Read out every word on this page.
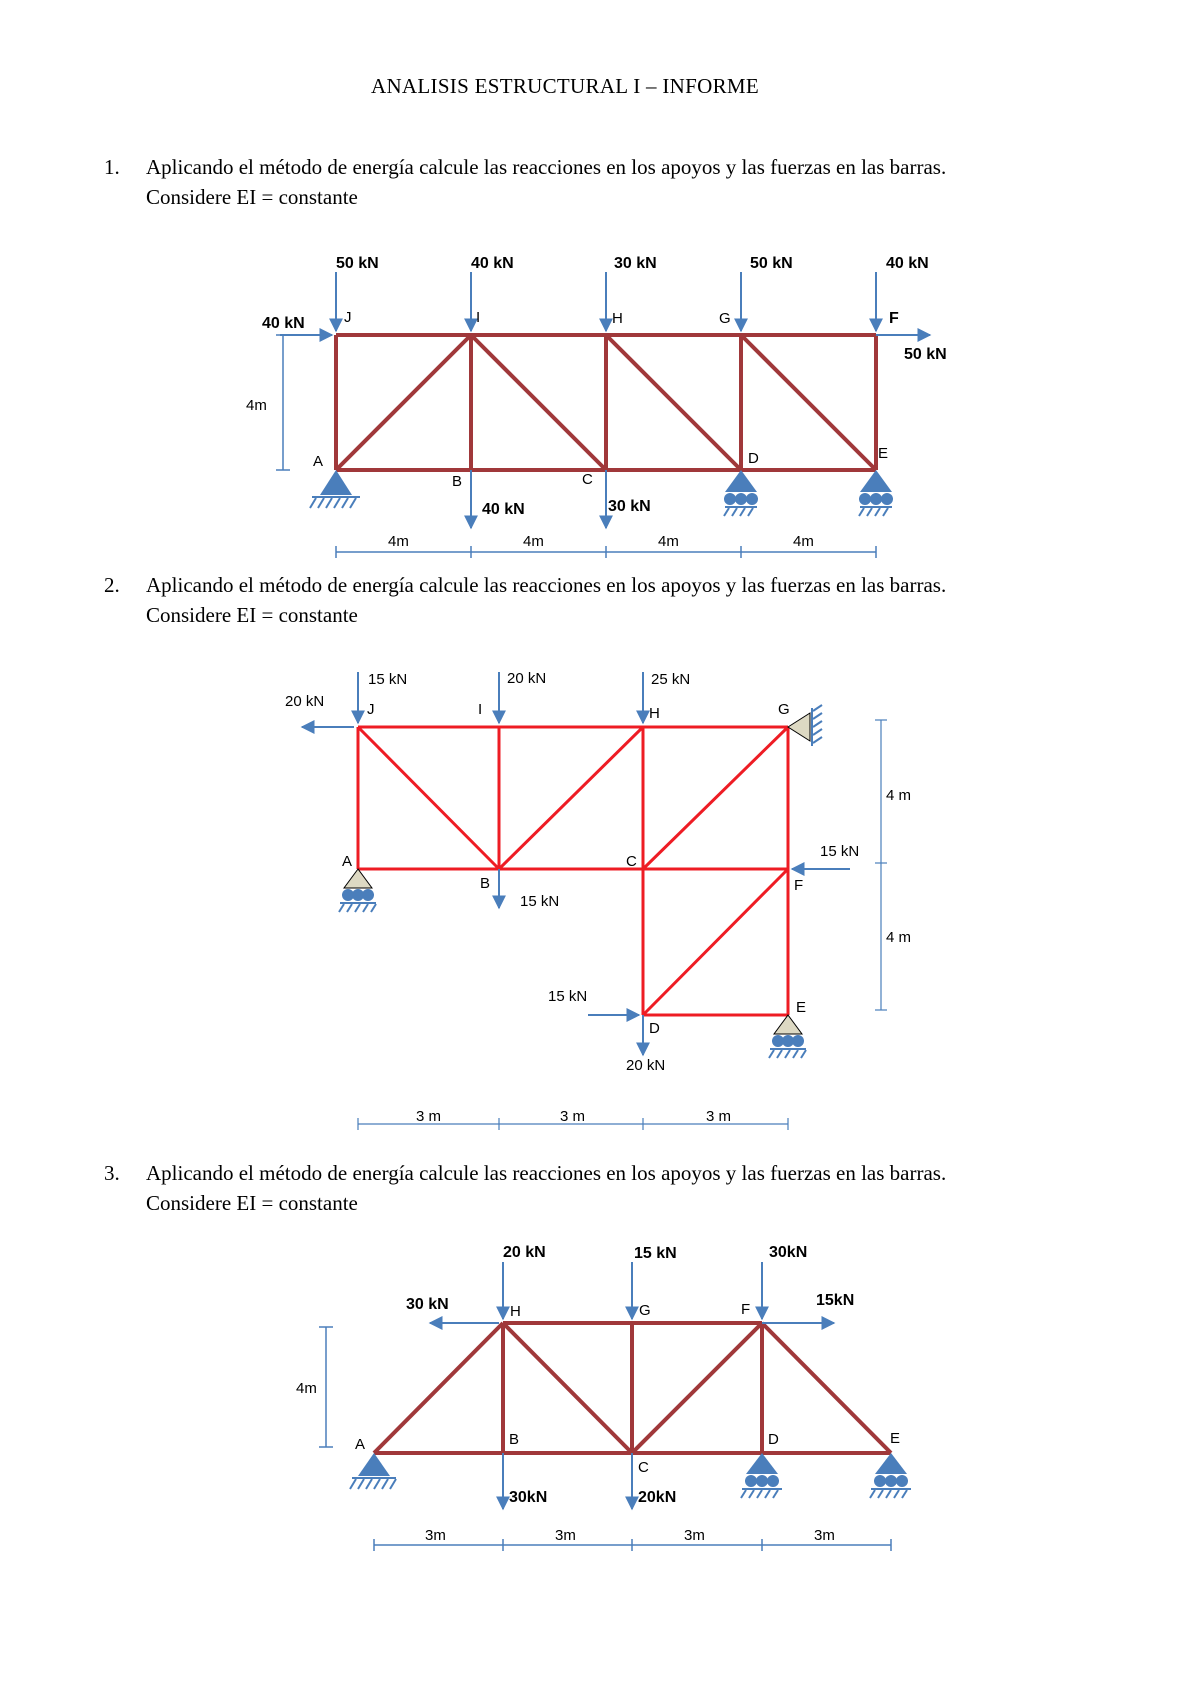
ANALISIS ESTRUCTURAL I – INFORME
1. Aplicando el método de energía calcule las reacciones en los apoyos y las fuerzas en las barras.
Considere EI = constante
50 kN	40 kN	30 kN	50 kN	40 kN
40 kN
50 kN
40 kN	30 kN
J	I	H	G	F
A
B	C
D	E
4m
4m	4m	4m	4m
2. Aplicando el método de energía calcule las reacciones en los apoyos y las fuerzas en las barras.
Considere EI = constante
15 kN	20 kN	25 kN
20 kN
15 kN
15 kN
15 kN
20 kN
J	I	H	G
A
B
C
F
D
E
4 m
4 m
3 m	3 m	3 m
3. Aplicando el método de energía calcule las reacciones en los apoyos y las fuerzas en las barras.
Considere EI = constante
20 kN	15 kN	30kN
30 kN	15kN
30kN	20kN
H	G	F
A	B
C
D	E
4m
3m	3m	3m	3m
